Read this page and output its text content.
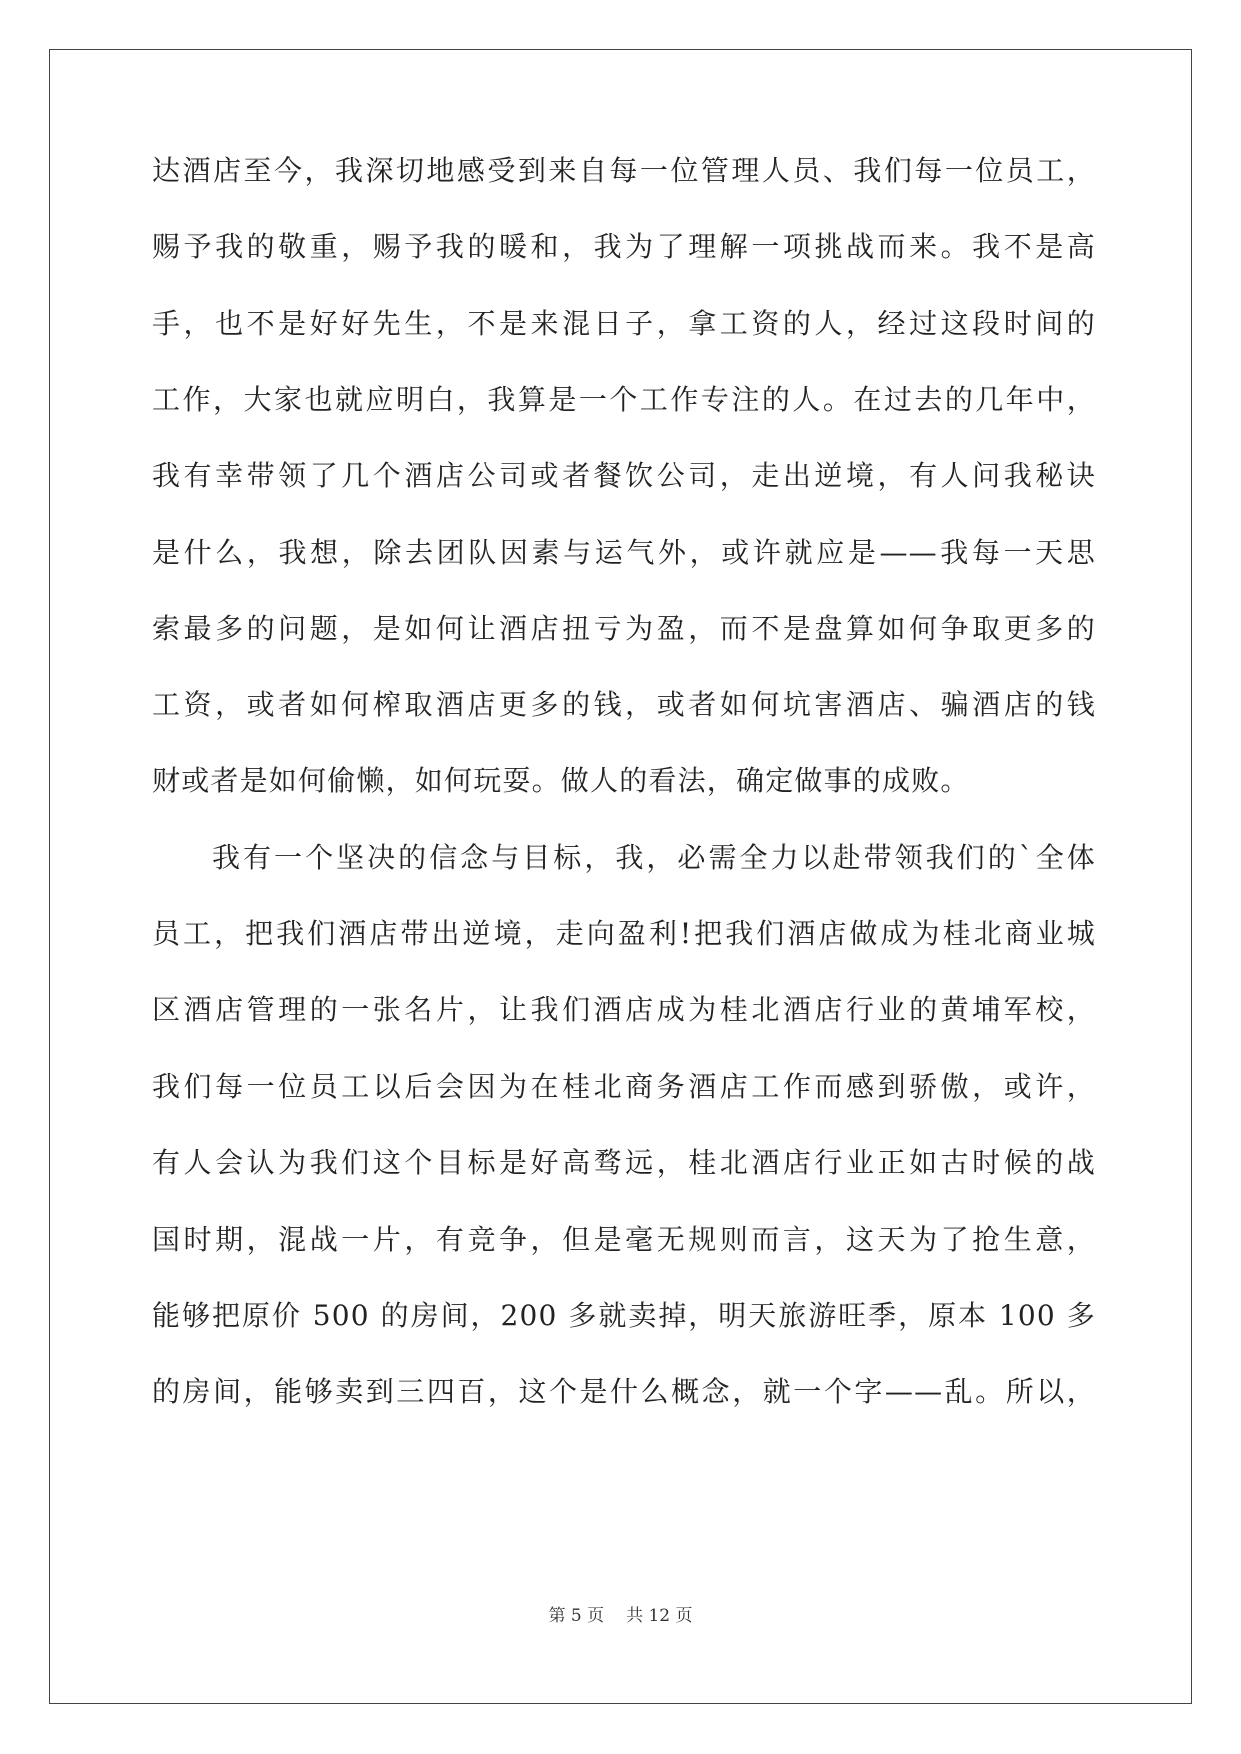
达酒店至今，我深切地感受到来自每一位管理人员、我们每一位员工，
赐予我的敬重，赐予我的暖和，我为了理解一项挑战而来。我不是高
手，也不是好好先生，不是来混日子，拿工资的人，经过这段时间的
工作，大家也就应明白，我算是一个工作专注的人。在过去的几年中，
我有幸带领了几个酒店公司或者餐饮公司，走出逆境，有人问我秘诀
是什么，我想，除去团队因素与运气外，或许就应是——我每一天思
索最多的问题，是如何让酒店扭亏为盈，而不是盘算如何争取更多的
工资，或者如何榨取酒店更多的钱，或者如何坑害酒店、骗酒店的钱
财或者是如何偷懒，如何玩耍。做人的看法，确定做事的成败。
我有一个坚决的信念与目标，我，必需全力以赴带领我们的`全体
员工，把我们酒店带出逆境，走向盈利!把我们酒店做成为桂北商业城
区酒店管理的一张名片，让我们酒店成为桂北酒店行业的黄埔军校，
我们每一位员工以后会因为在桂北商务酒店工作而感到骄傲，或许，
有人会认为我们这个目标是好高骛远，桂北酒店行业正如古时候的战
国时期，混战一片，有竞争，但是毫无规则而言，这天为了抢生意，
能够把原价 500 的房间，200 多就卖掉，明天旅游旺季，原本 100 多
的房间，能够卖到三四百，这个是什么概念，就一个字——乱。所以，
第 5 页 共 12 页
